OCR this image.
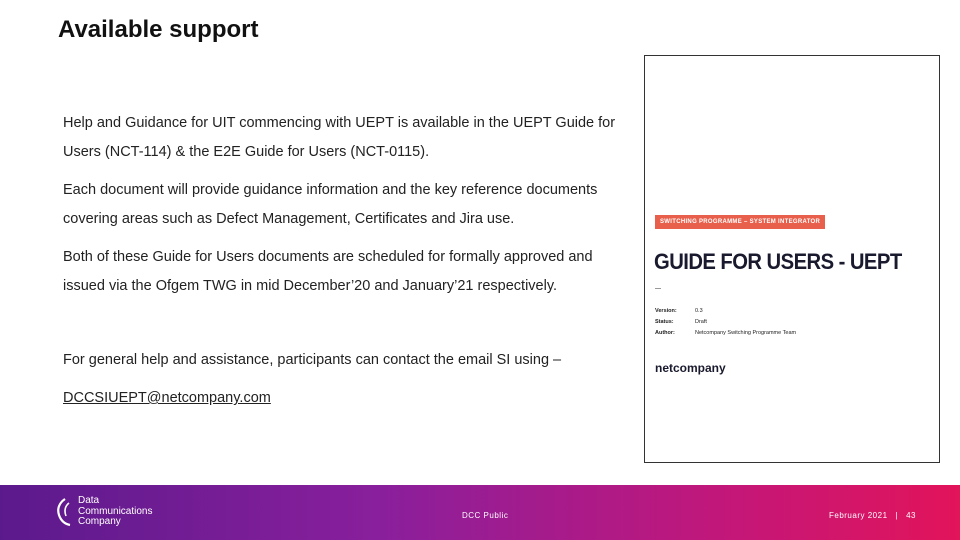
Available support

Help and Guidance for UIT commencing with UEPT is available in the UEPT Guide for Users (NCT-114) & the E2E Guide for Users (NCT-0115).

Each document will provide guidance information and the key reference documents covering areas such as Defect Management, Certificates and Jira use.

Both of these Guide for Users documents are scheduled for formally approved and issued via the Ofgem TWG in mid December’20 and January’21 respectively.

For general help and assistance, participants can contact the email SI using –

DCCSIUEPT@netcompany.com
SWITCHING PROGRAMME – SYSTEM INTEGRATOR
GUIDE FOR USERS - UEPT
Version:	0.3
Status:	Draft
Author:	Netcompany Switching Programme Team
netcompany
Data
Communications
Company
DCC Public	February 2021 | 43
